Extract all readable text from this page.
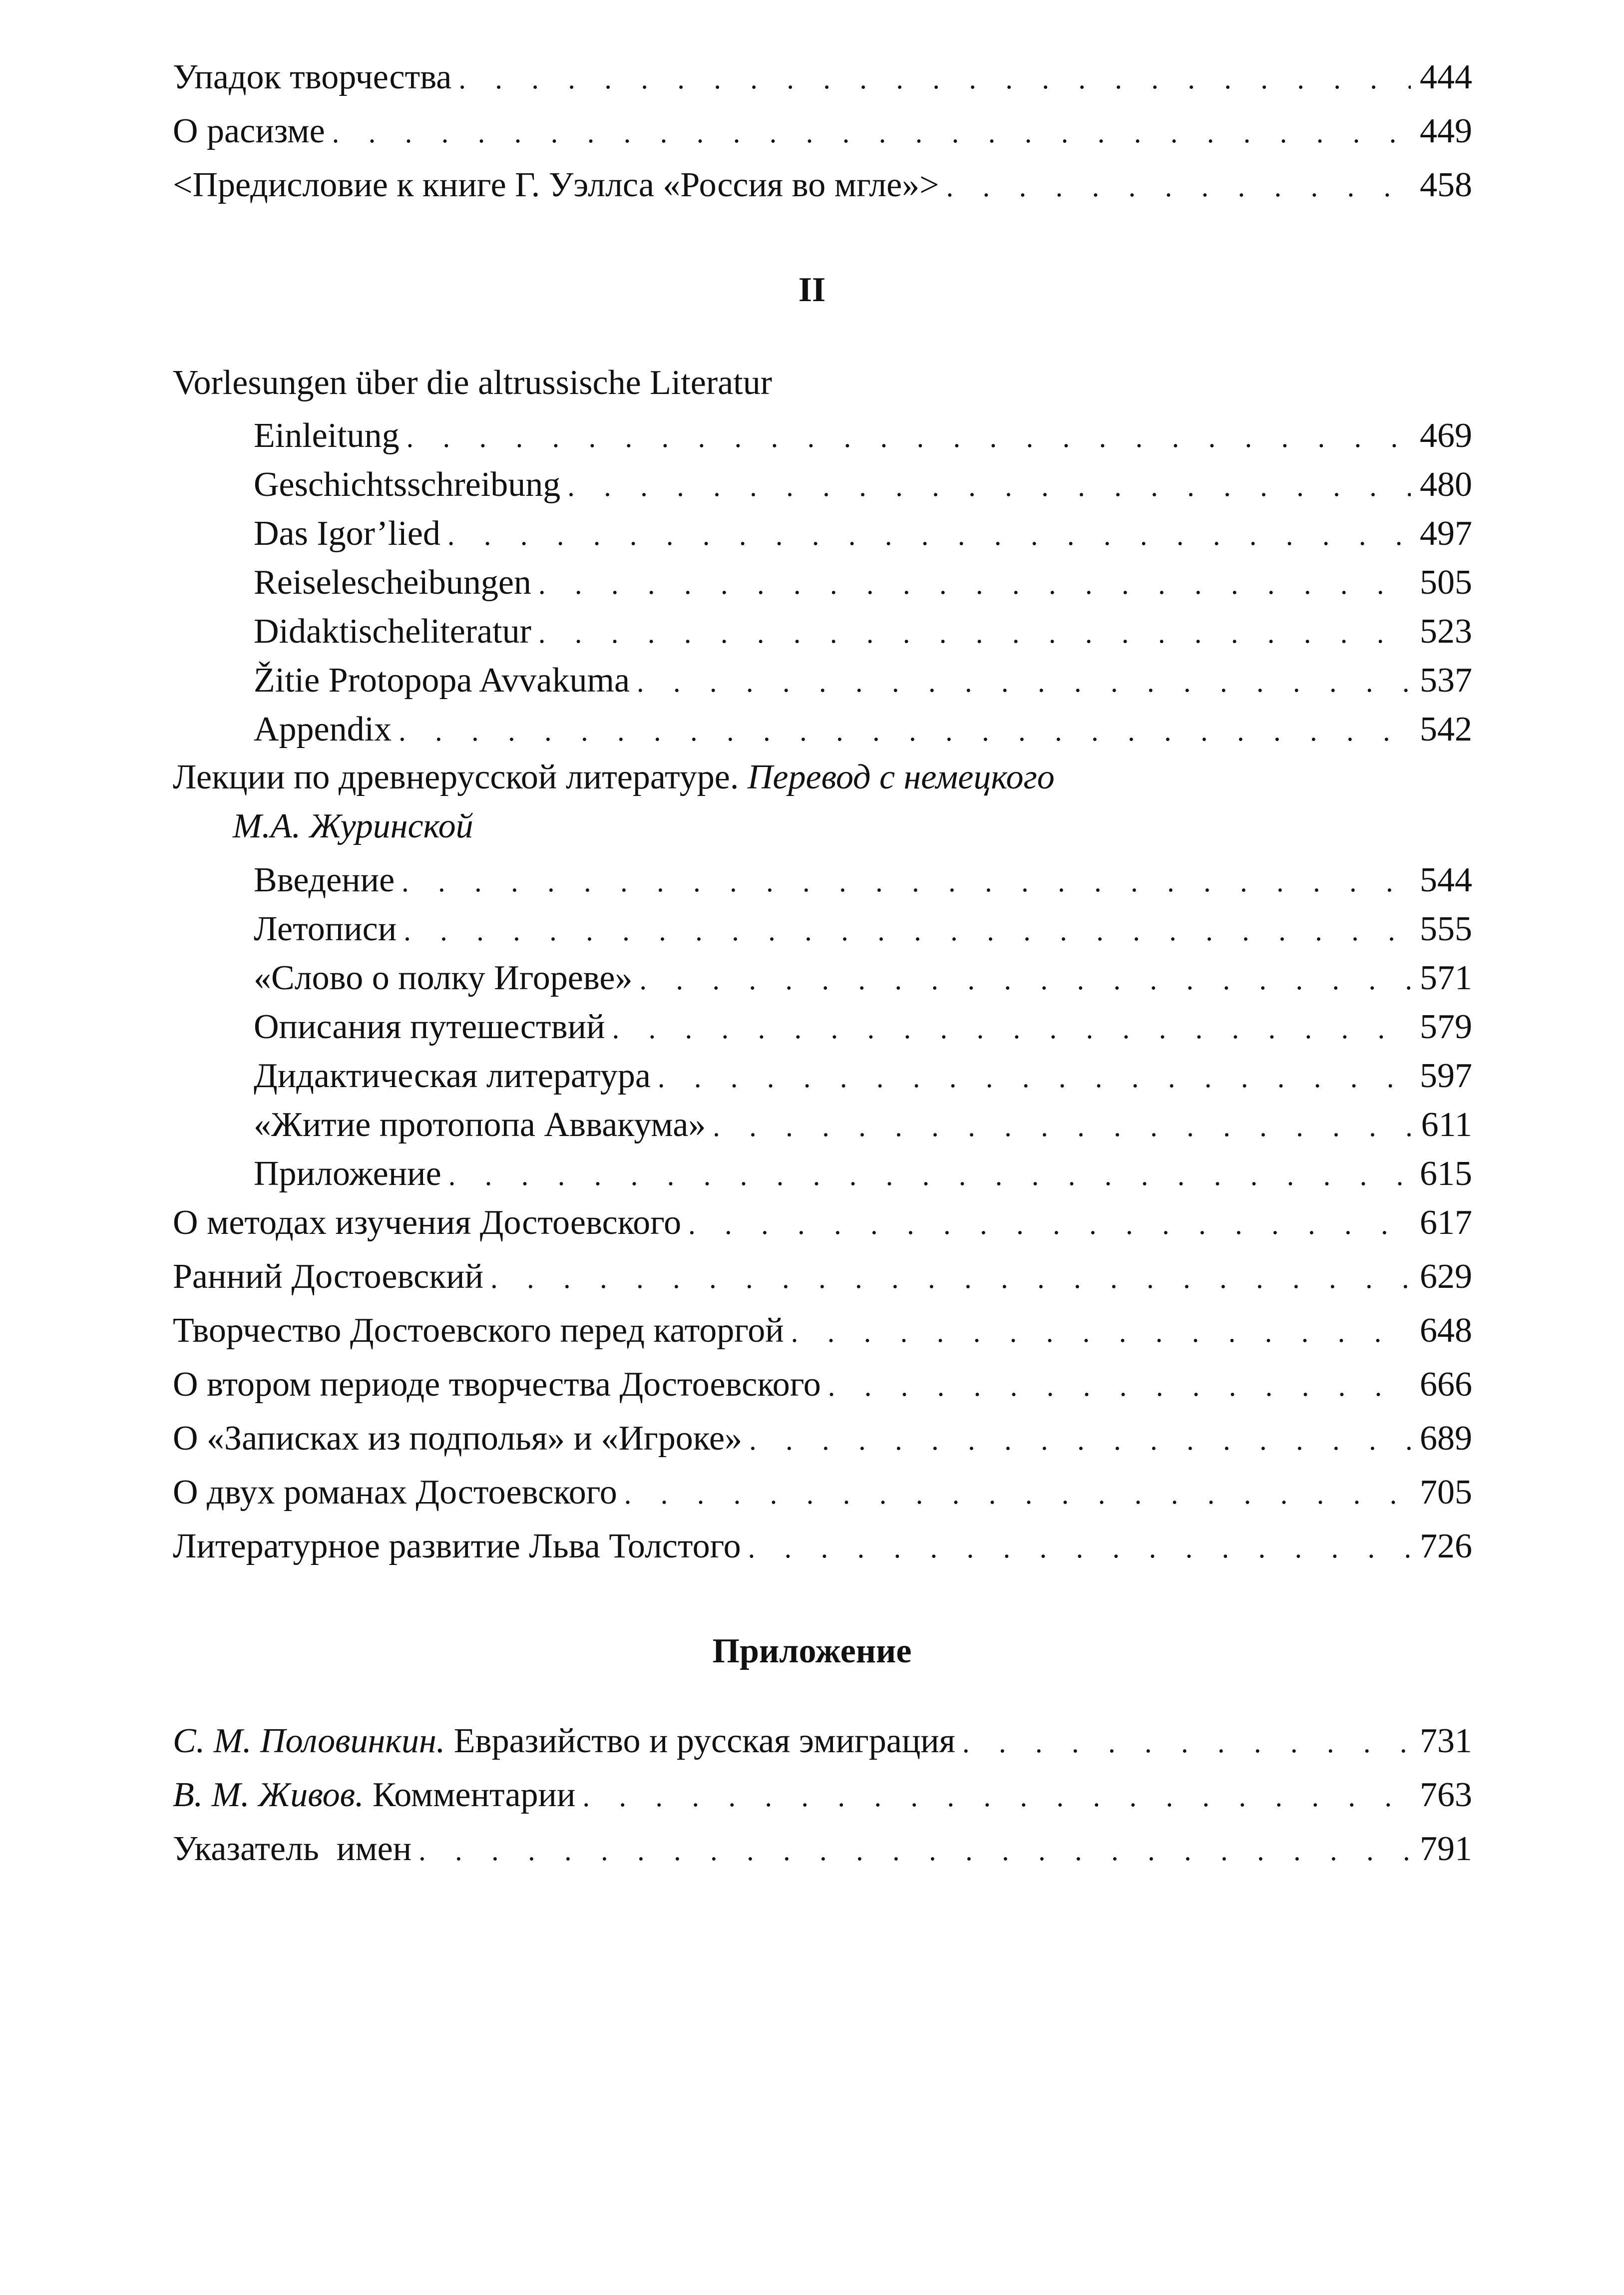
Упадок творчества . . .	444
О расизме . . .	449
<Предисловие к книге Г. Уэллса «Россия во мгле»> . . .	458
II
Vorlesungen über die altrussische Literatur
Einleitung . . .	469
Geschichtsschreibung . . .	480
Das Igor’lied . . .	497
Reiselescheibungen . . .	505
Didaktischeliteratur . . .	523
Žitie Protopopa Avvakuma . . .	537
Appendix . . .	542
Лекции по древнерусской литературе. Перевод с немецкого
М.А. Журинской
Введение . . .	544
Летописи . . .	555
«Слово о полку Игореве» . . .	571
Описания путешествий . . .	579
Дидактическая литература . . .	597
«Житие протопопа Аввакума» . . .	611
Приложение . . .	615
О методах изучения Достоевского . . .	617
Ранний Достоевский . . .	629
Творчество Достоевского перед каторгой . . .	648
О втором периоде творчества Достоевского . . .	666
О «Записках из подполья» и «Игроке» . . .	689
О двух романах Достоевского . . .	705
Литературное развитие Льва Толстого . . .	726
Приложение
С. М. Половинкин. Евразийство и русская эмиграция . . .	731
В. М. Живов. Комментарии . . .	763
Указатель  имен . . .	791
